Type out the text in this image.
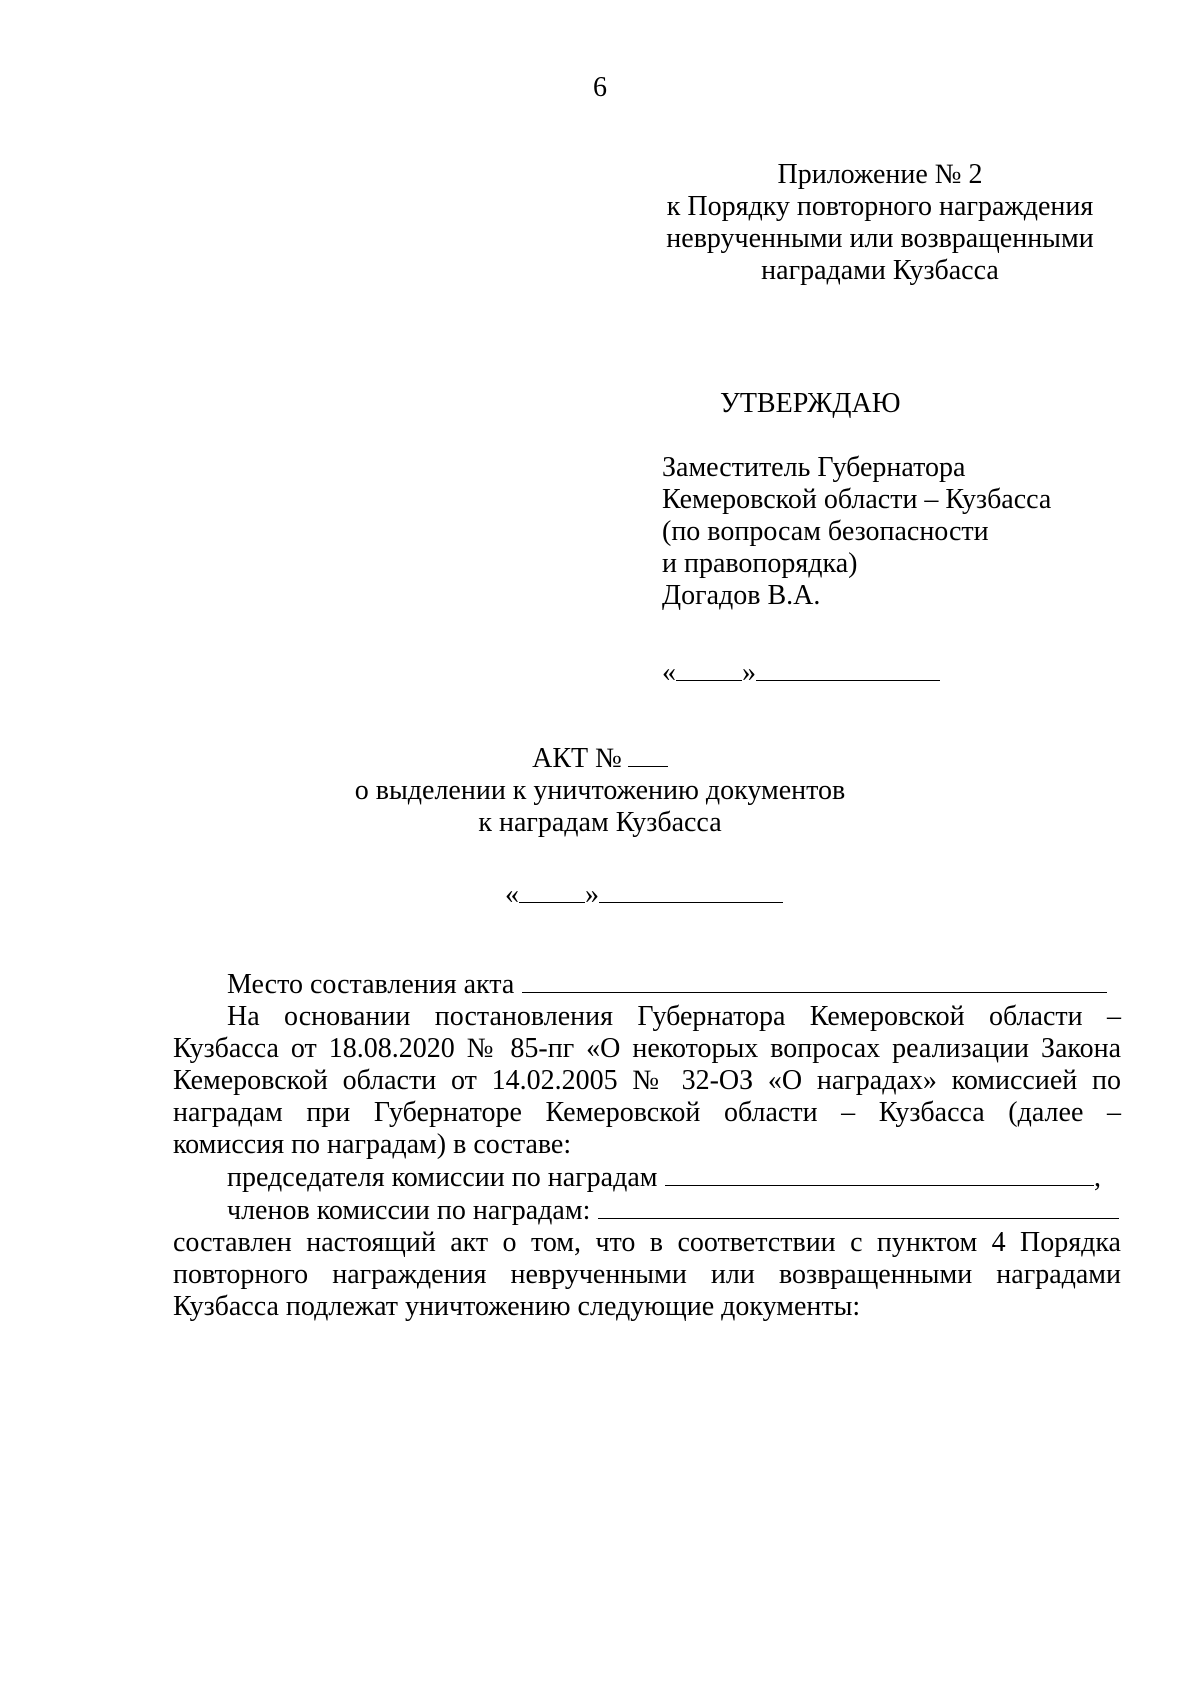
6
Приложение № 2
к Порядку повторного награждения
неврученными или возвращенными
наградами Кузбасса
УТВЕРЖДАЮ
Заместитель Губернатора
Кемеровской области – Кузбасса
(по вопросам безопасности
и правопорядка)
Догадов В.А.
« »
АКТ №
о выделении к уничтожению документов
к наградам Кузбасса
« »
Место составления акта
На основании постановления Губернатора Кемеровской области –
Кузбасса от 18.08.2020 № 85-пг «О некоторых вопросах реализации Закона
Кемеровской области от 14.02.2005 № 32-ОЗ «О наградах» комиссией по
наградам при Губернаторе Кемеровской области – Кузбасса (далее –
комиссия по наградам) в составе:
председателя комиссии по наградам	,
членов комиссии по наградам:
составлен настоящий акт о том, что в соответствии с пунктом 4 Порядка
повторного награждения неврученными или возвращенными наградами
Кузбасса подлежат уничтожению следующие документы:
